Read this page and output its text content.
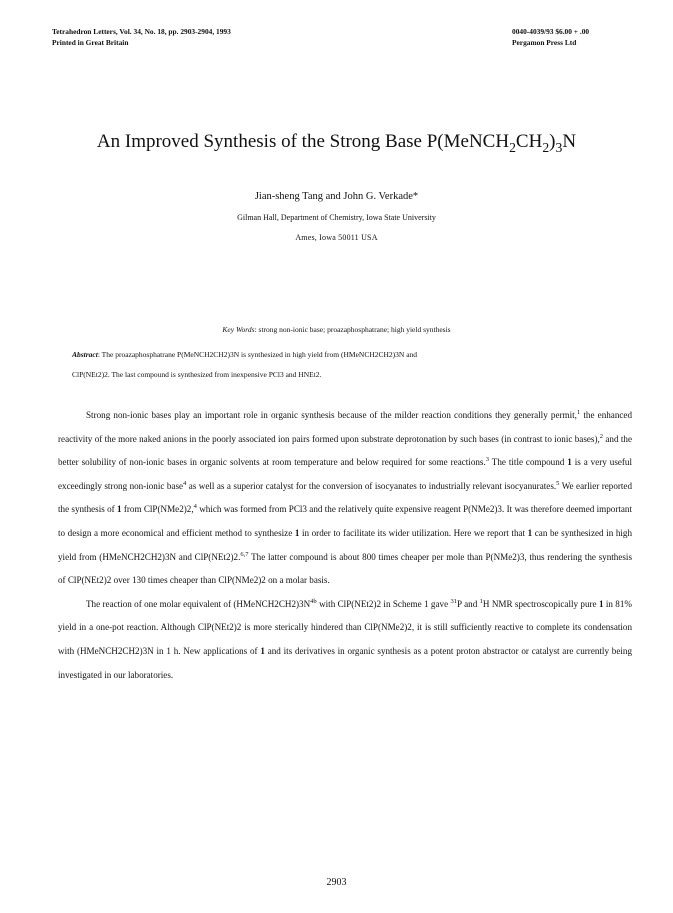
Tetrahedron Letters, Vol. 34, No. 18, pp. 2903-2904, 1993
Printed in Great Britain
0040-4039/93 $6.00 + .00
Pergamon Press Ltd
An Improved Synthesis of the Strong Base $P(MeNCH_2CH_2)_3N$
Jian-sheng Tang and John G. Verkade*
Gilman Hall, Department of Chemistry, Iowa State University
Ames, Iowa 50011 USA
Key Words: strong non-ionic base; proazaphosphatrane; high yield synthesis
Abstract: The proazaphosphatrane P(MeNCH2CH2)3N is synthesized in high yield from (HMeNCH2CH2)3N and
ClP(NEt2)2. The last compound is synthesized from inexpensive PCl3 and HNEt2.

Strong non-ionic bases play an important role in organic synthesis because of the milder reaction conditions they generally permit,$^1$ the enhanced reactivity of the more naked anions in the poorly associated ion pairs formed upon substrate deprotonation by such bases (in contrast to ionic bases),$^2$ and the better solubility of non-ionic bases in organic solvents at room temperature and below required for some reactions.$^3$ The title compound 1 is a very useful exceedingly strong non-ionic base$^4$ as well as a superior catalyst for the conversion of isocyanates to industrially relevant isocyanurates.$^5$ We earlier reported the synthesis of 1 from ClP(NMe2)2,$^4$ which was formed from PCl3 and the relatively quite expensive reagent P(NMe2)3. It was therefore deemed important to design a more economical and efficient method to synthesize 1 in order to facilitate its wider utilization. Here we report that 1 can be synthesized in high yield from (HMeNCH2CH2)3N and ClP(NEt2)2.$^{6,7}$ The latter compound is about 800 times cheaper per mole than P(NMe2)3, thus rendering the synthesis of ClP(NEt2)2 over 130 times cheaper than ClP(NMe2)2 on a molar basis.

The reaction of one molar equivalent of $(HMeNCH2CH2)3N^{4b}$ with ClP(NEt2)2 in Scheme 1 gave $^{31}$P and $^1$H NMR spectroscopically pure 1 in 81% yield in a one-pot reaction. Although ClP(NEt2)2 is more sterically hindered than ClP(NMe2)2, it is still sufficiently reactive to complete its condensation with (HMeNCH2CH2)3N in 1 h. New applications of 1 and its derivatives in organic synthesis as a potent proton abstractor or catalyst are currently being investigated in our laboratories.

2903
